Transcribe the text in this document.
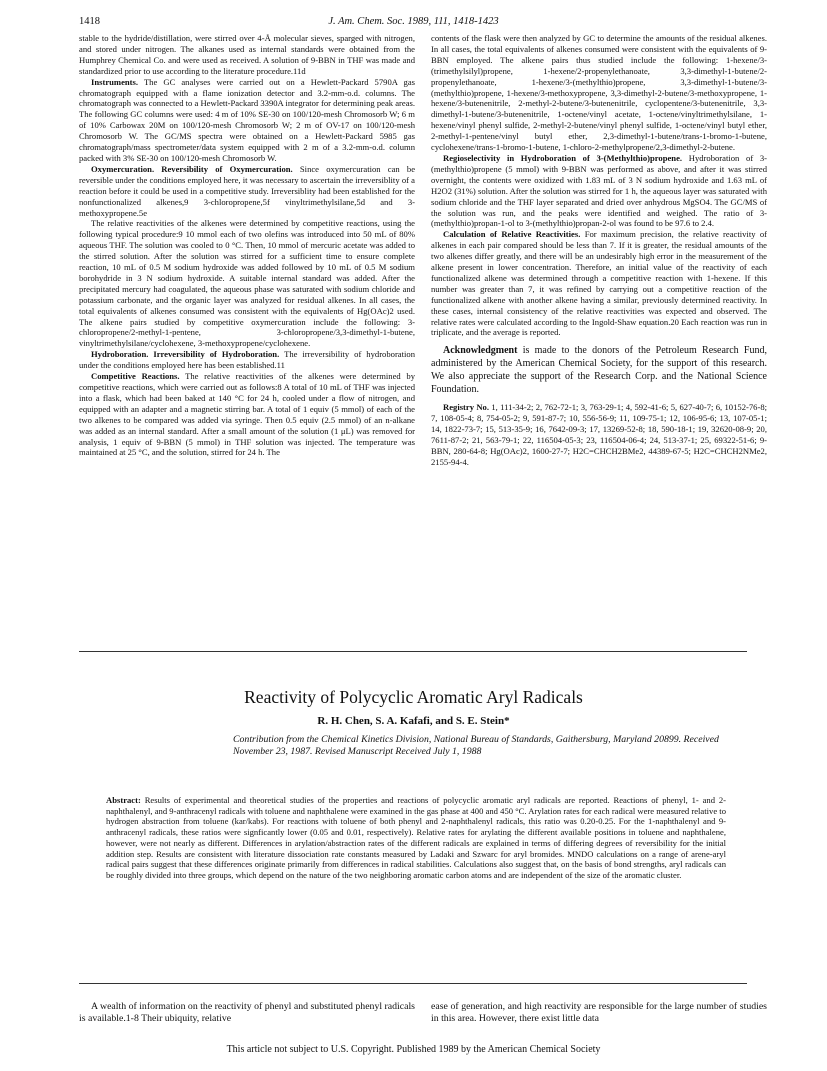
1418	J. Am. Chem. Soc. 1989, 111, 1418-1423

stable to the hydride/distillation, were stirred over 4-Å molecular sieves, sparged with nitrogen, and stored under nitrogen. The alkanes used as internal standards were obtained from the Humphrey Chemical Co. and were used as received. A solution of 9-BBN in THF was made and standardized prior to use according to the literature procedure.11d

Instruments. The GC analyses were carried out on a Hewlett-Packard 5790A gas chromatograph equipped with a flame ionization detector and 3.2-mm-o.d. columns. The chromatograph was connected to a Hewlett-Packard 3390A integrator for determining peak areas. The following GC columns were used: 4 m of 10% SE-30 on 100/120-mesh Chromosorb W; 6 m of 10% Carbowax 20M on 100/120-mesh Chromosorb W; 2 m of OV-17 on 100/120-mesh Chromosorb W. The GC/MS spectra were obtained on a Hewlett-Packard 5985 gas chromatograph/mass spectrometer/data system equipped with 2 m of a 3.2-mm-o.d. column packed with 3% SE-30 on 100/120-mesh Chromosorb W.

Oxymercuration. Reversibility of Oxymercuration. Since oxymercuration can be reversible under the conditions employed here, it was necessary to ascertain the irreversiblity of a reaction before it could be used in a competitive study. Irreversiblity had been established for the nonfunctionalized alkenes,9 3-chloropropene,5f vinyltrimethylsilane,5d and 3-methoxypropene.5e

The relative reactivities of the alkenes were determined by competitive reactions, using the following typical procedure:9 10 mmol each of two olefins was introduced into 50 mL of 80% aqueous THF. The solution was cooled to 0 °C. Then, 10 mmol of mercuric acetate was added to the stirred solution. After the solution was stirred for a sufficient time to ensure complete reaction, 10 mL of 0.5 M sodium hydroxide was added followed by 10 mL of 0.5 M sodium borohydride in 3 N sodium hydroxide. A suitable internal standard was added. After the precipitated mercury had coagulated, the aqueous phase was saturated with sodium chloride and potassium carbonate, and the organic layer was analyzed for residual alkenes. In all cases, the total equivalents of alkenes consumed was consistent with the equivalents of Hg(OAc)2 used. The alkene pairs studied by competitive oxymercuration include the following: 3-chloropropene/2-methyl-1-pentene, 3-chloropropene/3,3-dimethyl-1-butene, vinyltrimethylsilane/cyclohexene, 3-methoxypropene/cyclohexene.

Hydroboration. Irreversibility of Hydroboration. The irreversibility of hydroboration under the conditions employed here has been established.11

Competitive Reactions. The relative reactivities of the alkenes were determined by competitive reactions, which were carried out as follows:8 A total of 10 mL of THF was injected into a flask, which had been baked at 140 °C for 24 h, cooled under a flow of nitrogen, and equipped with an adapter and a magnetic stirring bar. A total of 1 equiv (5 mmol) of each of the two alkenes to be compared was added via syringe. Then 0.5 equiv (2.5 mmol) of an n-alkane was added as an internal standard. After a small amount of the solution (1 μL) was removed for analysis, 1 equiv of 9-BBN (5 mmol) in THF solution was injected. The temperature was maintained at 25 °C, and the solution, stirred for 24 h. The

contents of the flask were then analyzed by GC to determine the amounts of the residual alkenes. In all cases, the total equivalents of alkenes consumed were consistent with the equivalents of 9-BBN employed. The alkene pairs thus studied include the following: 1-hexene/3-(trimethylsilyl)propene, 1-hexene/2-propenylethanoate, 3,3-dimethyl-1-butene/2-propenylethanoate, 1-hexene/3-(methylthio)propene, 3,3-dimethyl-1-butene/3-(methylthio)propene, 1-hexene/3-methoxypropene, 3,3-dimethyl-2-butene/3-methoxypropene, 1-hexene/3-butenenitrile, 2-methyl-2-butene/3-butenenitrile, cyclopentene/3-butenenitrile, 3,3-dimethyl-1-butene/3-butenenitrile, 1-octene/vinyl acetate, 1-octene/vinyltrimethylsilane, 1-hexene/vinyl phenyl sulfide, 2-methyl-2-butene/vinyl phenyl sulfide, 1-octene/vinyl butyl ether, 2-methyl-1-pentene/vinyl butyl ether, 2,3-dimethyl-1-butene/trans-1-bromo-1-butene, cyclohexene/trans-1-bromo-1-butene, 1-chloro-2-methylpropene/2,3-dimethyl-2-butene.

Regioselectivity in Hydroboration of 3-(Methylthio)propene. Hydroboration of 3-(methylthio)propene (5 mmol) with 9-BBN was performed as above, and after it was stirred overnight, the contents were oxidized with 1.83 mL of 3 N sodium hydroxide and 1.63 mL of H2O2 (31%) solution. After the solution was stirred for 1 h, the aqueous layer was saturated with sodium chloride and the THF layer separated and dried over anhydrous MgSO4. The GC/MS of the solution was run, and the peaks were identified and weighed. The ratio of 3-(methylthio)propan-1-ol to 3-(methylthio)propan-2-ol was found to be 97.6 to 2.4.

Calculation of Relative Reactivities. For maximum precision, the relative reactivity of alkenes in each pair compared should be less than 7. If it is greater, the residual amounts of the two alkenes differ greatly, and there will be an undesirably high error in the measurement of the alkene present in lower concentration. Therefore, an initial value of the reactivity of each functionalized alkene was determined through a competitive reaction with 1-hexene. If this number was greater than 7, it was refined by carrying out a competitive reaction of the functionalized alkene with another alkene having a similar, previously determined reactivity. In these cases, internal consistency of the relative reactivities was expected and observed. The relative rates were calculated according to the Ingold-Shaw equation.20 Each reaction was run in triplicate, and the average is reported.

Acknowledgment is made to the donors of the Petroleum Research Fund, administered by the American Chemical Society, for the support of this research. We also appreciate the support of the Research Corp. and the National Science Foundation.

Registry No. 1, 111-34-2; 2, 762-72-1; 3, 763-29-1; 4, 592-41-6; 5, 627-40-7; 6, 10152-76-8; 7, 108-05-4; 8, 754-05-2; 9, 591-87-7; 10, 556-56-9; 11, 109-75-1; 12, 106-95-6; 13, 107-05-1; 14, 1822-73-7; 15, 513-35-9; 16, 7642-09-3; 17, 13269-52-8; 18, 590-18-1; 19, 32620-08-9; 20, 7611-87-2; 21, 563-79-1; 22, 116504-05-3; 23, 116504-06-4; 24, 513-37-1; 25, 69322-51-6; 9-BBN, 280-64-8; Hg(OAc)2, 1600-27-7; H2C=CHCH2BMe2, 44389-67-5; H2C=CHCH2NMe2, 2155-94-4.

Reactivity of Polycyclic Aromatic Aryl Radicals
R. H. Chen, S. A. Kafafi, and S. E. Stein*
Contribution from the Chemical Kinetics Division, National Bureau of Standards, Gaithersburg, Maryland 20899. Received November 23, 1987. Revised Manuscript Received July 1, 1988
Abstract: Results of experimental and theoretical studies of the properties and reactions of polycyclic aromatic aryl radicals are reported. Reactions of phenyl, 1- and 2-naphthalenyl, and 9-anthracenyl radicals with toluene and naphthalene were examined in the gas phase at 400 and 450 °C. Arylation rates for each radical were measured relative to hydrogen abstraction from toluene (kar/kabs). For reactions with toluene of both phenyl and 2-naphthalenyl radicals, this ratio was 0.20-0.25. For the 1-naphthalenyl and 9-anthracenyl radicals, these ratios were signficantly lower (0.05 and 0.01, respectively). Relative rates for arylating the different available positions in toluene and naphthalene, however, were not nearly as different. Differences in arylation/abstraction rates of the different radicals are explained in terms of differing degrees of reversibility for the initial addition step. Results are consistent with literature dissociation rate constants measured by Ladaki and Szwarc for aryl bromides. MNDO calculations on a range of arene-aryl radical pairs suggest that these differences originate primarily from differences in radical stabilities. Calculations also suggest that, on the basis of bond strengths, aryl radicals can be roughly divided into three groups, which depend on the nature of the two neighboring aromatic carbon atoms and are independent of the size of the aromatic cluster.

A wealth of information on the reactivity of phenyl and substituted phenyl radicals is available.1-8 Their ubiquity, relative

ease of generation, and high reactivity are responsible for the large number of studies in this area. However, there exist little data

This article not subject to U.S. Copyright. Published 1989 by the American Chemical Society
